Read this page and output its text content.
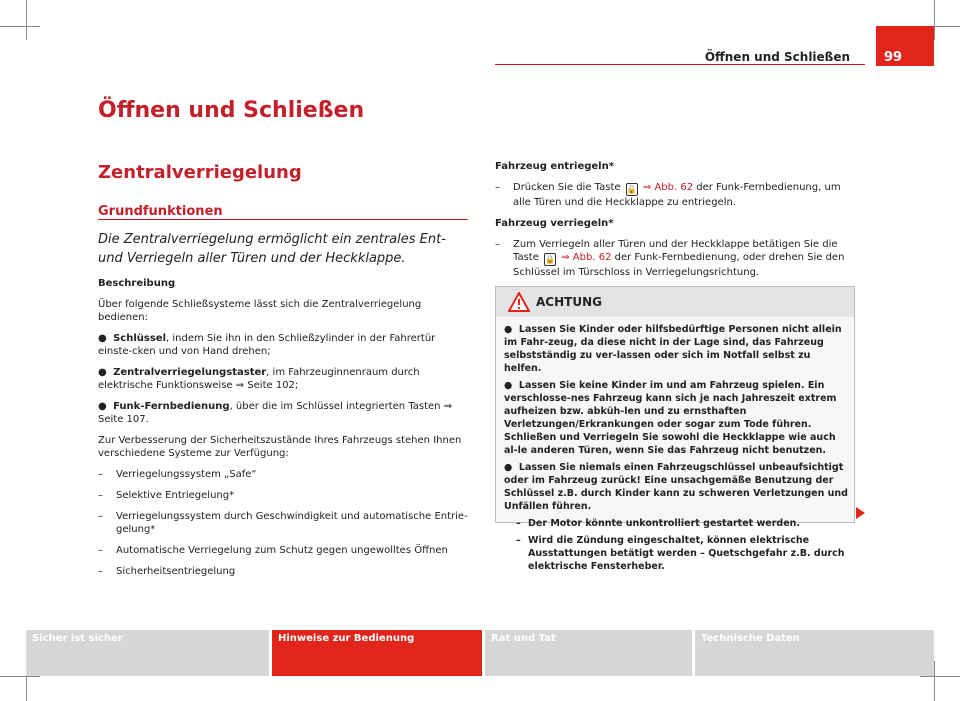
Öffnen und Schließen	99
Öffnen und Schließen
Zentralverriegelung
Grundfunktionen
Die Zentralverriegelung ermöglicht ein zentrales Ent- und Verriegeln aller Türen und der Heckklappe.

Beschreibung

Über folgende Schließsysteme lässt sich die Zentralverriegelung bedienen:

●  Schlüssel, indem Sie ihn in den Schließzylinder in der Fahrertür einste-cken und von Hand drehen;

●  Zentralverriegelungstaster, im Fahrzeuginnenraum durch elektrische Funktionsweise ⇒ Seite 102;

●  Funk-Fernbedienung, über die im Schlüssel integrierten Tasten ⇒ Seite 107.

Zur Verbesserung der Sicherheitszustände Ihres Fahrzeugs stehen Ihnen verschiedene Systeme zur Verfügung:

– Verriegelungssystem „Safe“

– Selektive Entriegelung*

– Verriegelungssystem durch Geschwindigkeit und automatische Entrie-gelung*

– Automatische Verriegelung zum Schutz gegen ungewolltes Öffnen

– Sicherheitsentriegelung

Fahrzeug entriegeln*

– Drücken Sie die Taste 🔓 ⇒ Abb. 62 der Funk-Fernbedienung, um alle Türen und die Heckklappe zu entriegeln.

Fahrzeug verriegeln*

– Zum Verriegeln aller Türen und der Heckklappe betätigen Sie die Taste 🔒 ⇒ Abb. 62 der Funk-Fernbedienung, oder drehen Sie den Schlüssel im Türschloss in Verriegelungsrichtung.

ACHTUNG

●  Lassen Sie Kinder oder hilfsbedürftige Personen nicht allein im Fahr-zeug, da diese nicht in der Lage sind, das Fahrzeug selbstständig zu ver-lassen oder sich im Notfall selbst zu helfen.

●  Lassen Sie keine Kinder im und am Fahrzeug spielen. Ein verschlosse-nes Fahrzeug kann sich je nach Jahreszeit extrem aufheizen bzw. abküh-len und zu ernsthaften Verletzungen/Erkrankungen oder sogar zum Tode führen. Schließen und Verriegeln Sie sowohl die Heckklappe wie auch al-le anderen Türen, wenn Sie das Fahrzeug nicht benutzen.

●  Lassen Sie niemals einen Fahrzeugschlüssel unbeaufsichtigt oder im Fahrzeug zurück! Eine unsachgemäße Benutzung der Schlüssel z.B. durch Kinder kann zu schweren Verletzungen und Unfällen führen.

– Der Motor könnte unkontrolliert gestartet werden.

– Wird die Zündung eingeschaltet, können elektrische Ausstattungen betätigt werden – Quetschgefahr z.B. durch elektrische Fensterheber.

Sicher ist sicher	Hinweise zur Bedienung	Rat und Tat	Technische Daten
